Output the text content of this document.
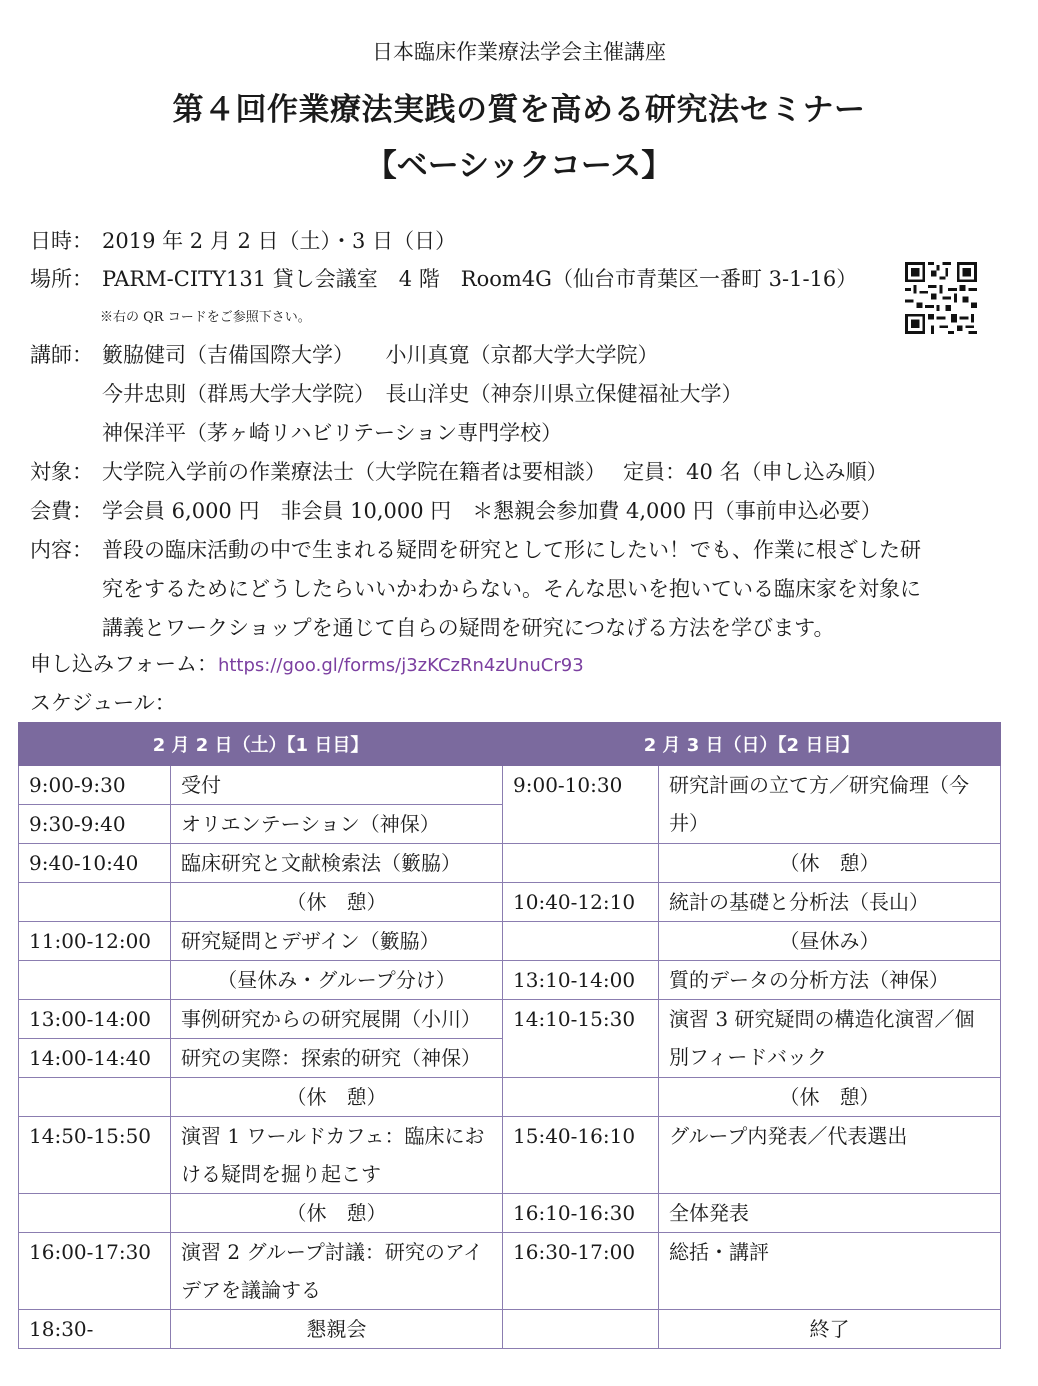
日本臨床作業療法学会主催講座
第４回作業療法実践の質を高める研究法セミナー
【ベーシックコース】
日時： 2019 年 2 月 2 日（土）・3 日（日）
場所： PARM-CITY131 貸し会議室　4 階　Room4G（仙台市青葉区一番町 3-1-16）
※右の QR コードをご参照下さい。
講師： 籔脇健司（吉備国際大学）　　小川真寛（京都大学大学院）
今井忠則（群馬大学大学院）　長山洋史（神奈川県立保健福祉大学）
神保洋平（茅ヶ崎リハビリテーション専門学校）
対象： 大学院入学前の作業療法士（大学院在籍者は要相談）　 定員：40 名（申し込み順）
会費： 学会員 6,000 円　非会員 10,000 円　＊懇親会参加費 4,000 円（事前申込必要）
内容： 普段の臨床活動の中で生まれる疑問を研究として形にしたい！でも、作業に根ざした研
究をするためにどうしたらいいかわからない。そんな思いを抱いている臨床家を対象に
講義とワークショップを通じて自らの疑問を研究につなげる方法を学びます。
申し込みフォーム：https://goo.gl/forms/j3zKCzRn4zUnuCr93
スケジュール：
2 月 2 日（土）【1 日目】		2 月 3 日（日）【2 日目】	
9:00-9:30	受付	9:00-10:30	研究計画の立て方／研究倫理（今井）
9:30-9:40	オリエンテーション（神保）		
9:40-10:40	臨床研究と文献検索法（籔脇）		（休　憩）
	（休　憩）	10:40-12:10	統計の基礎と分析法（長山）
11:00-12:00	研究疑問とデザイン（籔脇）		（昼休み）
	（昼休み・グループ分け）	13:10-14:00	質的データの分析方法（神保）
13:00-14:00	事例研究からの研究展開（小川）	14:10-15:30	演習 3 研究疑問の構造化演習／個別フィードバック
14:00-14:40	研究の実際：探索的研究（神保）		
	（休　憩）		（休　憩）
14:50-15:50	演習 1 ワールドカフェ：臨床における疑問を掘り起こす	15:40-16:10	グループ内発表／代表選出

	（休　憩）	16:10-16:30	全体発表
16:00-17:30	演習 2 グループ討議：研究のアイデアを議論する	16:30-17:00	総括・講評

18:30-	懇親会		終了
